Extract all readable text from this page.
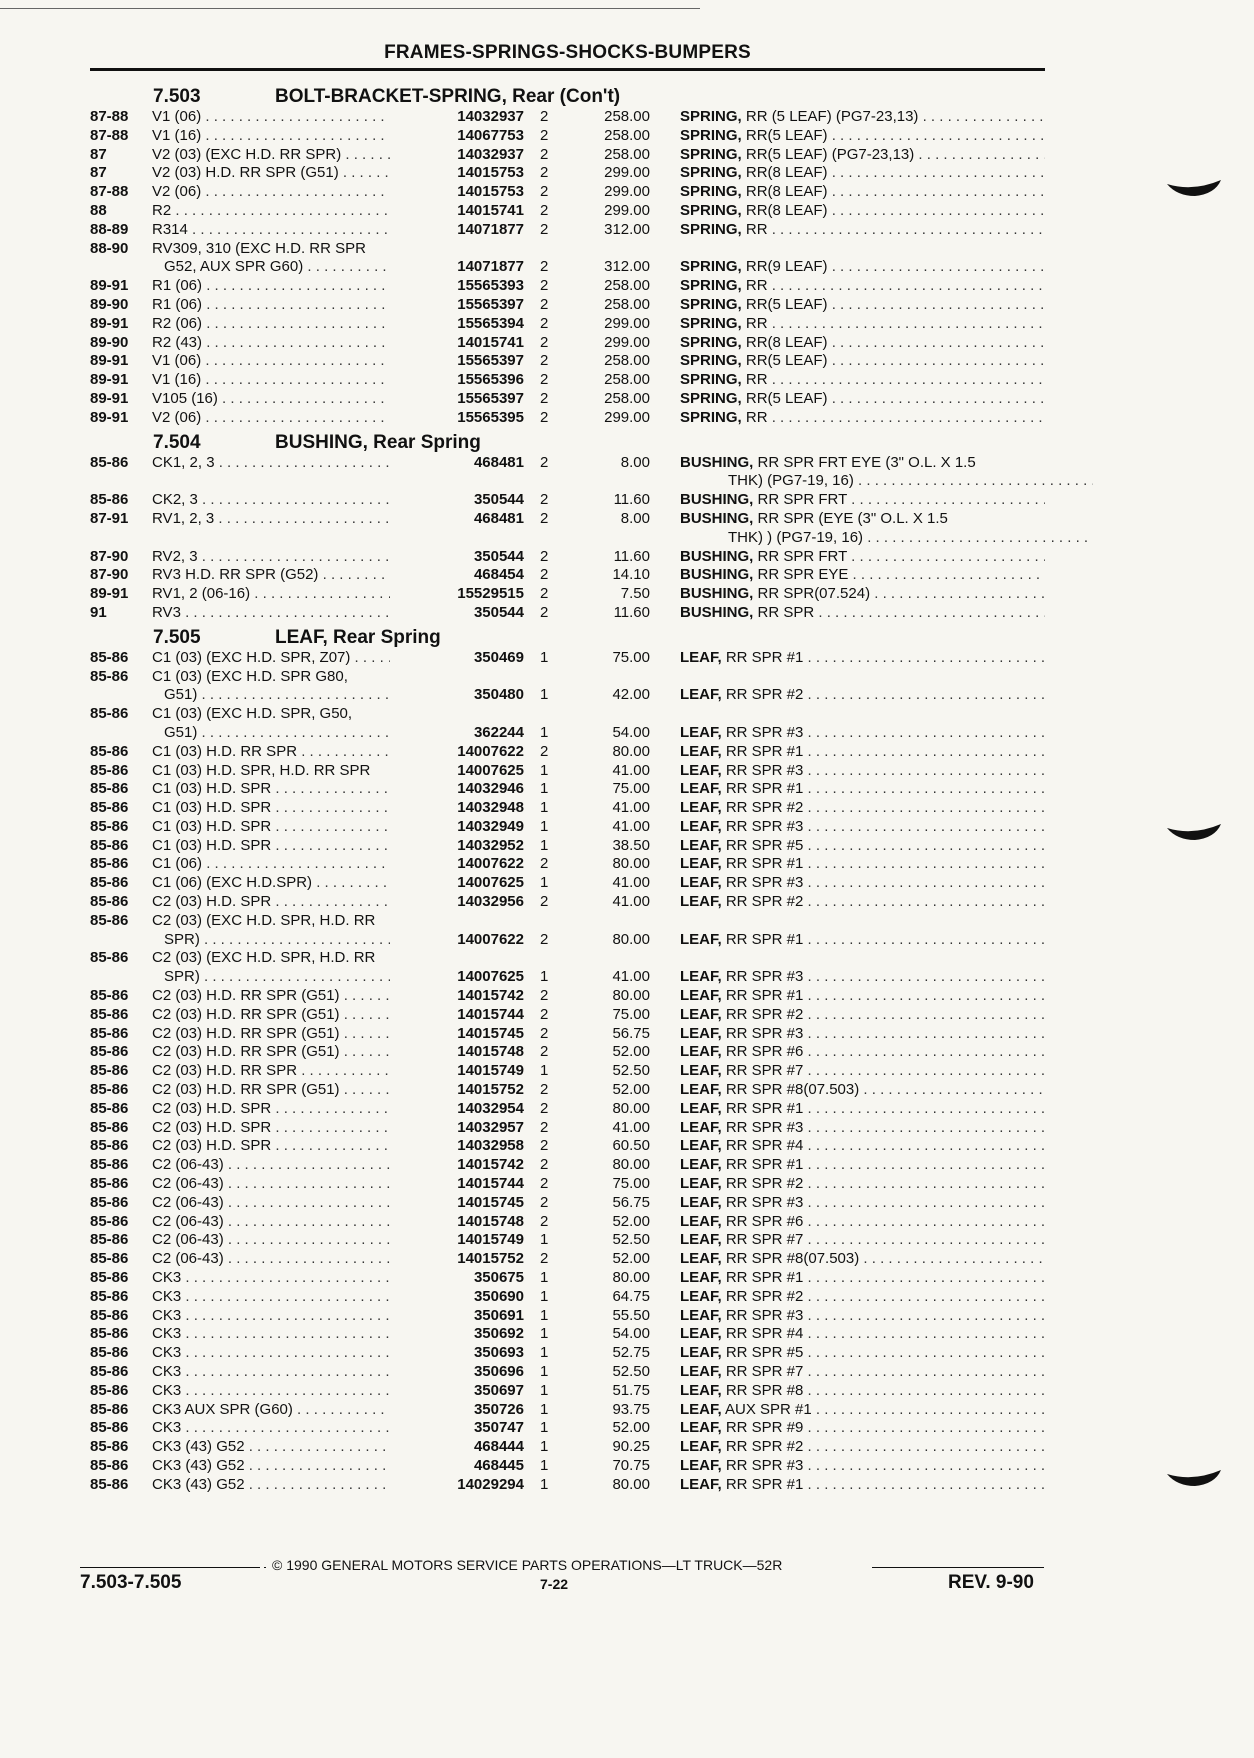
FRAMES-SPRINGS-SHOCKS-BUMPERS
7.503	BOLT-BRACKET-SPRING, Rear (Con't)
87-88	V1 (06) . . .	14032937 2	258.00 SPRING, RR (5 LEAF) (PG7-23,13) . . .
87-88	V1 (16) . . .	14067753 2	258.00 SPRING, RR(5 LEAF) . . .
87	V2 (03) (EXC H.D. RR SPR) . . .	14032937 2	258.00 SPRING, RR(5 LEAF) (PG7-23,13) . . .
87	V2 (03) H.D. RR SPR (G51) . . .	14015753 2	299.00 SPRING, RR(8 LEAF) . . .
87-88	V2 (06) . . .	14015753 2	299.00 SPRING, RR(8 LEAF) . . .
88	R2 . . .	14015741 2	299.00 SPRING, RR(8 LEAF) . . .
88-89	R314 . . .	14071877 2	312.00 SPRING, RR . . .
88-90	RV309, 310 (EXC H.D. RR SPR
G52, AUX SPR G60) . . .	14071877 2	312.00 SPRING, RR(9 LEAF) . . .
89-91	R1 (06) . . .	15565393 2	258.00 SPRING, RR . . .
89-90	R1 (06) . . .	15565397 2	258.00 SPRING, RR(5 LEAF) . . .
89-91	R2 (06) . . .	15565394 2	299.00 SPRING, RR . . .
89-90	R2 (43) . . .	14015741 2	299.00 SPRING, RR(8 LEAF) . . .
89-91	V1 (06) . . .	15565397 2	258.00 SPRING, RR(5 LEAF) . . .
89-91	V1 (16) . . .	15565396 2	258.00 SPRING, RR . . .
89-91	V105 (16) . . .	15565397 2	258.00 SPRING, RR(5 LEAF) . . .
89-91	V2 (06) . . .	15565395 2	299.00 SPRING, RR . . .
7.504	BUSHING, Rear Spring
85-86	CK1, 2, 3 . . .	468481 2	8.00 BUSHING, RR SPR FRT EYE (3" O.L. X 1.5
THK) (PG7-19, 16) . . .
85-86	CK2, 3 . . .	350544 2	11.60 BUSHING, RR SPR FRT . . .
87-91	RV1, 2, 3 . . .	468481 2	8.00 BUSHING, RR SPR (EYE (3" O.L. X 1.5
THK) ) (PG7-19, 16) . . .
87-90	RV2, 3 . . .	350544 2	11.60 BUSHING, RR SPR FRT . . .
87-90	RV3 H.D. RR SPR (G52) . . .	468454 2	14.10 BUSHING, RR SPR EYE . . .
89-91	RV1, 2 (06-16) . . .	15529515 2	7.50 BUSHING, RR SPR(07.524) . . .
91	RV3 . . .	350544 2	11.60 BUSHING, RR SPR . . .
7.505	LEAF, Rear Spring
85-86	C1 (03) (EXC H.D. SPR, Z07) . . .	350469 1	75.00 LEAF, RR SPR #1 . . .
85-86	C1 (03) (EXC H.D. SPR G80,
G51) . . .	350480 1	42.00 LEAF, RR SPR #2 . . .
85-86	C1 (03) (EXC H.D. SPR, G50,
G51) . . .	362244 1	54.00 LEAF, RR SPR #3 . . .
85-86	C1 (03) H.D. RR SPR . . .	14007622 2	80.00 LEAF, RR SPR #1 . . .
85-86	C1 (03) H.D. SPR, H.D. RR SPR	14007625 1	41.00 LEAF, RR SPR #3 . . .
85-86	C1 (03) H.D. SPR . . .	14032946 1	75.00 LEAF, RR SPR #1 . . .
85-86	C1 (03) H.D. SPR . . .	14032948 1	41.00 LEAF, RR SPR #2 . . .
85-86	C1 (03) H.D. SPR . . .	14032949 1	41.00 LEAF, RR SPR #3 . . .
85-86	C1 (03) H.D. SPR . . .	14032952 1	38.50 LEAF, RR SPR #5 . . .
85-86	C1 (06) . . .	14007622 2	80.00 LEAF, RR SPR #1 . . .
85-86	C1 (06) (EXC H.D.SPR) . . .	14007625 1	41.00 LEAF, RR SPR #3 . . .
85-86	C2 (03) H.D. SPR . . .	14032956 2	41.00 LEAF, RR SPR #2 . . .
85-86	C2 (03) (EXC H.D. SPR, H.D. RR
SPR) . . .	14007622 2	80.00 LEAF, RR SPR #1 . . .
85-86	C2 (03) (EXC H.D. SPR, H.D. RR
SPR) . . .	14007625 1	41.00 LEAF, RR SPR #3 . . .
85-86	C2 (03) H.D. RR SPR (G51) . . .	14015742 2	80.00 LEAF, RR SPR #1 . . .
85-86	C2 (03) H.D. RR SPR (G51) . . .	14015744 2	75.00 LEAF, RR SPR #2 . . .
85-86	C2 (03) H.D. RR SPR (G51) . . .	14015745 2	56.75 LEAF, RR SPR #3 . . .
85-86	C2 (03) H.D. RR SPR (G51) . . .	14015748 2	52.00 LEAF, RR SPR #6 . . .
85-86	C2 (03) H.D. RR SPR . . .	14015749 1	52.50 LEAF, RR SPR #7 . . .
85-86	C2 (03) H.D. RR SPR (G51) . . .	14015752 2	52.00 LEAF, RR SPR #8(07.503) . . .
85-86	C2 (03) H.D. SPR . . .	14032954 2	80.00 LEAF, RR SPR #1 . . .
85-86	C2 (03) H.D. SPR . . .	14032957 2	41.00 LEAF, RR SPR #3 . . .
85-86	C2 (03) H.D. SPR . . .	14032958 2	60.50 LEAF, RR SPR #4 . . .
85-86	C2 (06-43) . . .	14015742 2	80.00 LEAF, RR SPR #1 . . .
85-86	C2 (06-43) . . .	14015744 2	75.00 LEAF, RR SPR #2 . . .
85-86	C2 (06-43) . . .	14015745 2	56.75 LEAF, RR SPR #3 . . .
85-86	C2 (06-43) . . .	14015748 2	52.00 LEAF, RR SPR #6 . . .
85-86	C2 (06-43) . . .	14015749 1	52.50 LEAF, RR SPR #7 . . .
85-86	C2 (06-43) . . .	14015752 2	52.00 LEAF, RR SPR #8(07.503) . . .
85-86	CK3 . . .	350675 1	80.00 LEAF, RR SPR #1 . . .
85-86	CK3 . . .	350690 1	64.75 LEAF, RR SPR #2 . . .
85-86	CK3 . . .	350691 1	55.50 LEAF, RR SPR #3 . . .
85-86	CK3 . . .	350692 1	54.00 LEAF, RR SPR #4 . . .
85-86	CK3 . . .	350693 1	52.75 LEAF, RR SPR #5 . . .
85-86	CK3 . . .	350696 1	52.50 LEAF, RR SPR #7 . . .
85-86	CK3 . . .	350697 1	51.75 LEAF, RR SPR #8 . . .
85-86	CK3 AUX SPR (G60) . . .	350726 1	93.75 LEAF, AUX SPR #1 . . .
85-86	CK3 . . .	350747 1	52.00 LEAF, RR SPR #9 . . .
85-86	CK3 (43) G52 . . .	468444 1	90.25 LEAF, RR SPR #2 . . .
85-86	CK3 (43) G52 . . .	468445 1	70.75 LEAF, RR SPR #3 . . .
85-86	CK3 (43) G52 . . .	14029294 1	80.00 LEAF, RR SPR #1 . . .
© 1990 GENERAL MOTORS SERVICE PARTS OPERATIONS—LT TRUCK—52R
7.503-7.505	7-22	REV. 9-90
